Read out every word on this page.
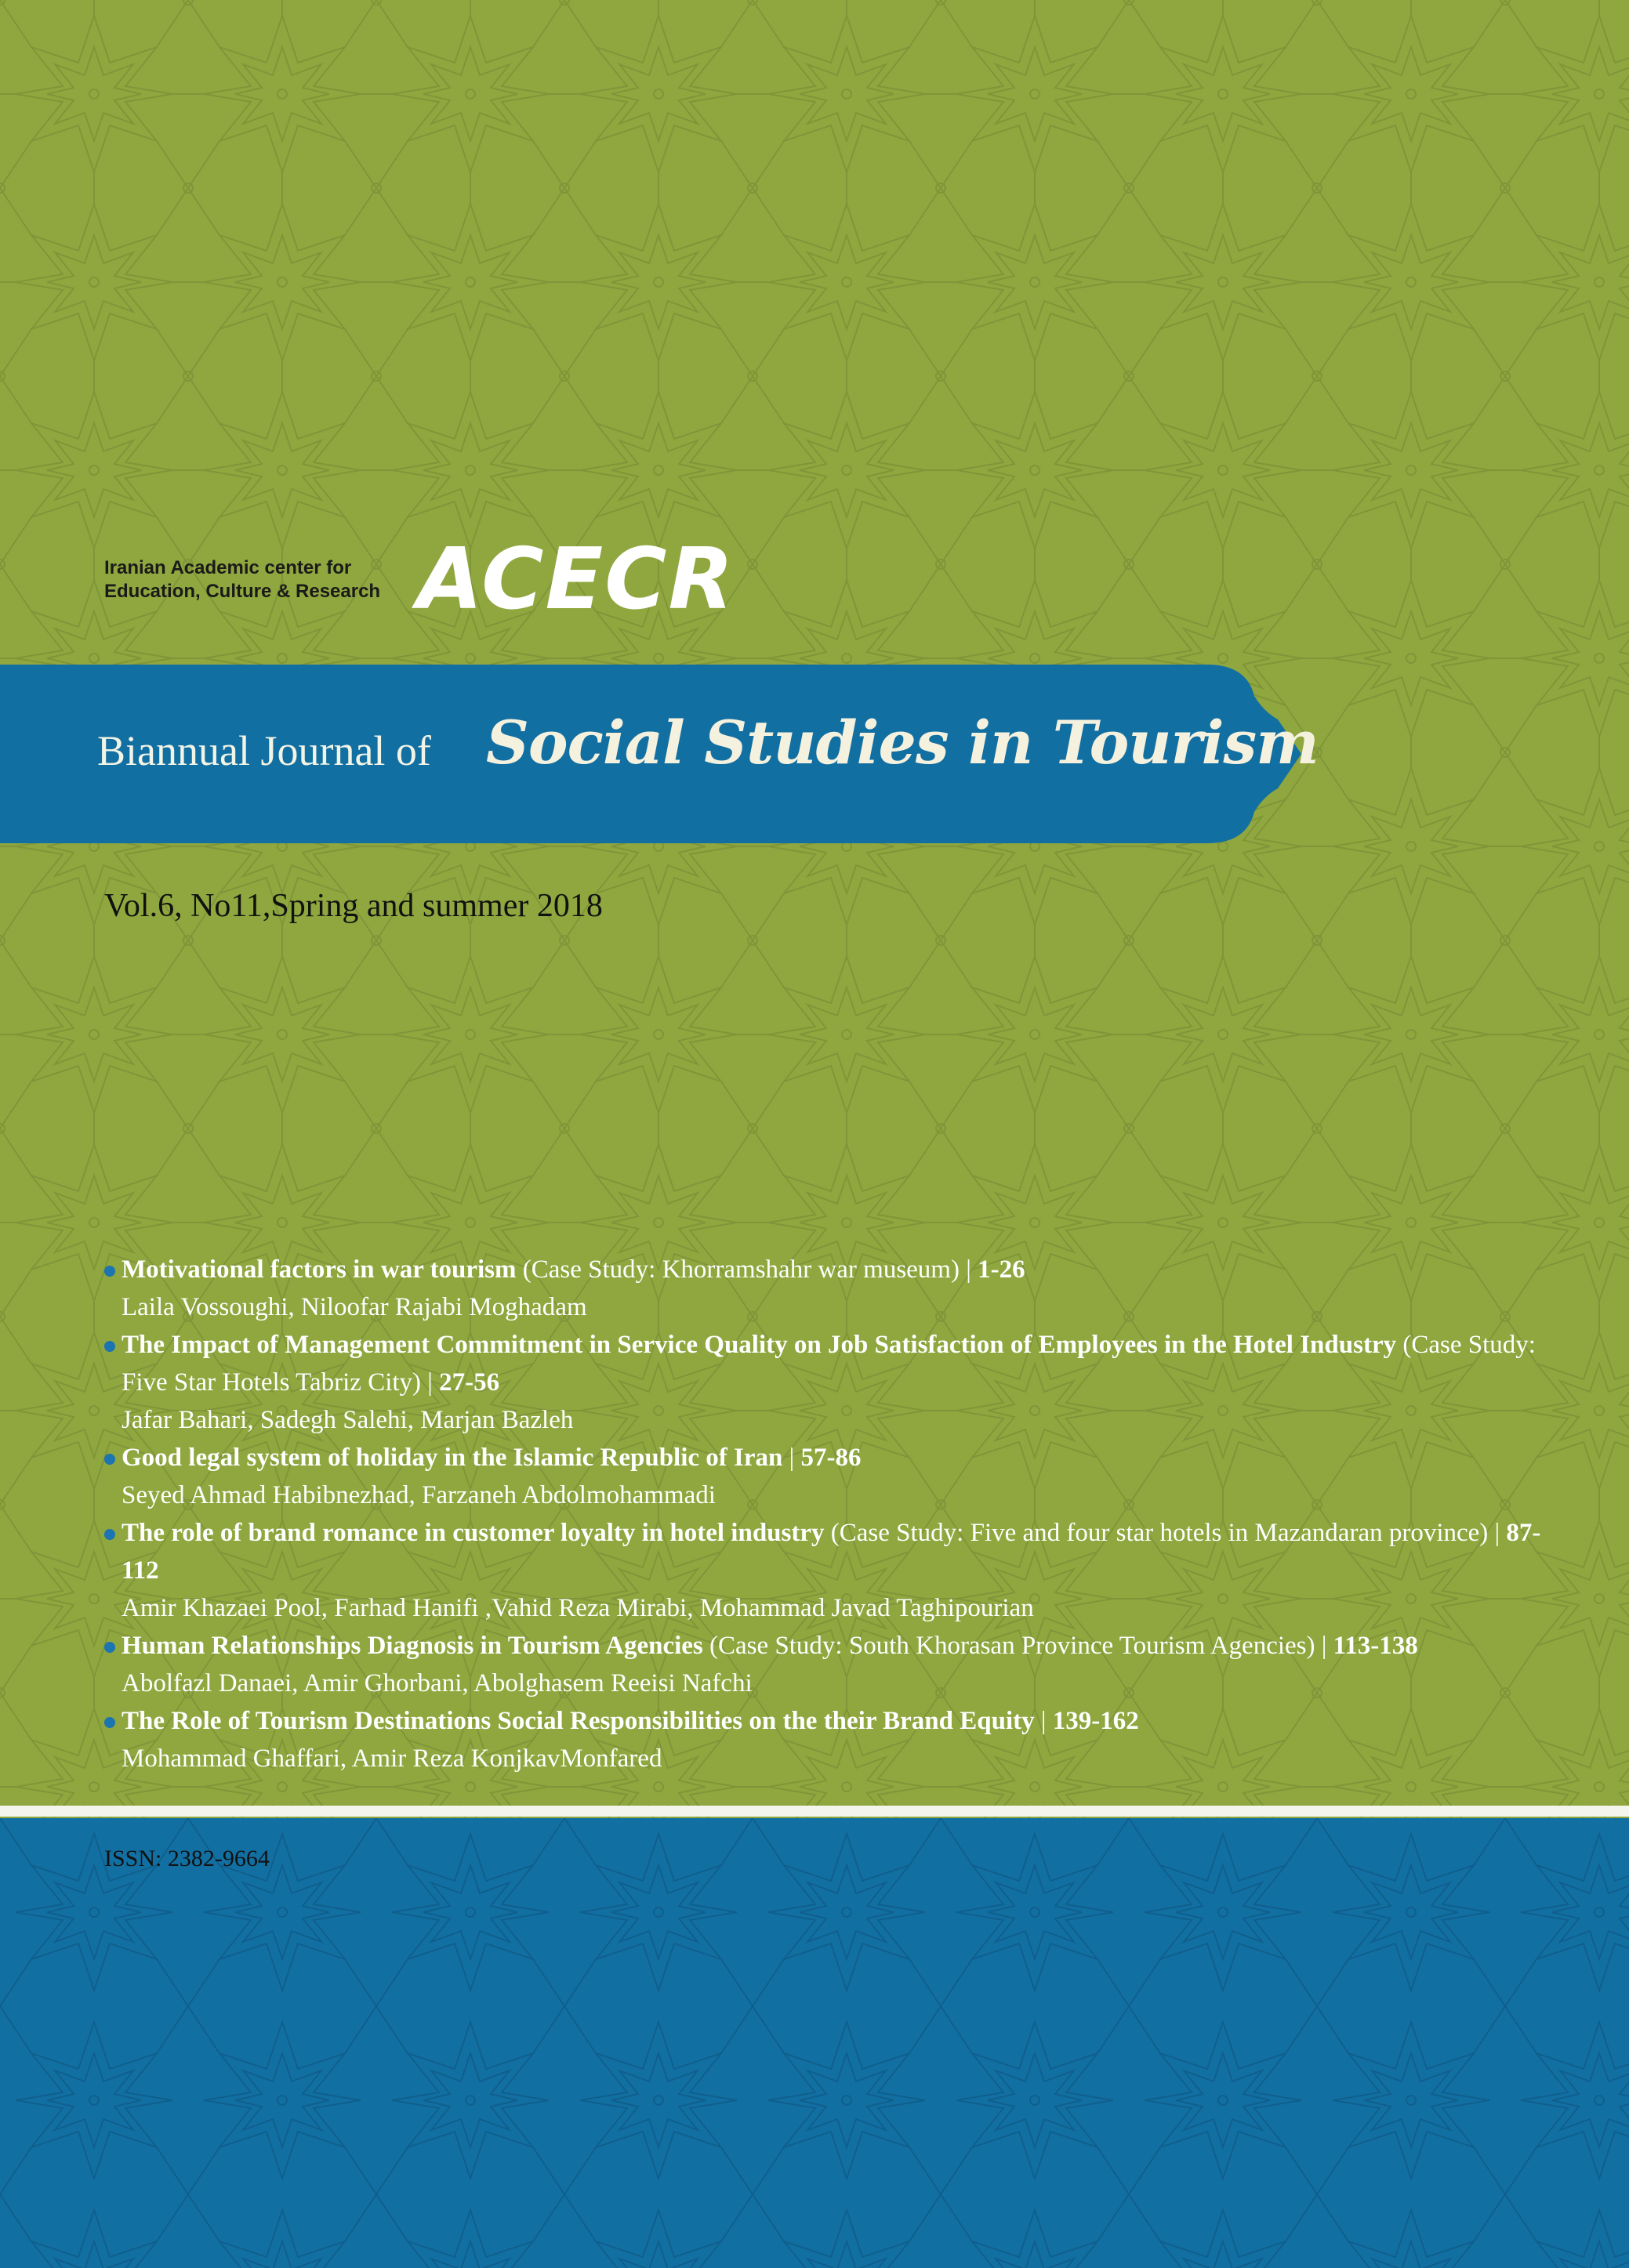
Iranian Academic center for
Education, Culture & Research ACECR
Biannual Journal of Social Studies in Tourism
Vol.6, No11,Spring and summer 2018
Motivational factors in war tourism (Case Study: Khorramshahr war museum) | 1-26
Laila Vossoughi, Niloofar Rajabi Moghadam
The Impact of Management Commitment in Service Quality on Job Satisfaction of Employees in the Hotel Industry (Case Study: Five Star Hotels Tabriz City) | 27-56
Jafar Bahari, Sadegh Salehi, Marjan Bazleh
Good legal system of holiday in the Islamic Republic of Iran | 57-86
Seyed Ahmad Habibnezhad, Farzaneh Abdolmohammadi
The role of brand romance in customer loyalty in hotel industry (Case Study: Five and four star hotels in Mazandaran province) | 87-112
Amir Khazaei Pool, Farhad Hanifi ,Vahid Reza Mirabi, Mohammad Javad Taghipourian
Human Relationships Diagnosis in Tourism Agencies (Case Study: South Khorasan Province Tourism Agencies) | 113-138
Abolfazl Danaei, Amir Ghorbani, Abolghasem Reeisi Nafchi
The Role of Tourism Destinations Social Responsibilities on the their Brand Equity | 139-162
Mohammad Ghaffari, Amir Reza KonjkavMonfared
ISSN: 2382-9664
